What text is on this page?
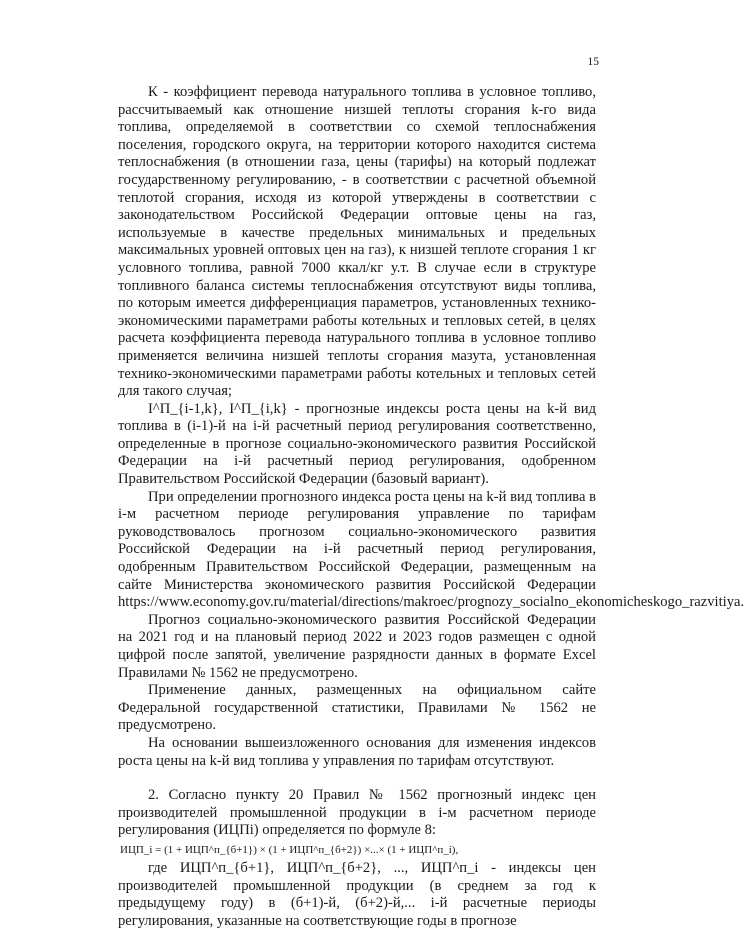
15

К - коэффициент перевода натурального топлива в условное топливо, рассчитываемый как отношение низшей теплоты сгорания k-го вида топлива, определяемой в соответствии со схемой теплоснабжения поселения, городского округа, на территории которого находится система теплоснабжения (в отношении газа, цены (тарифы) на который подлежат государственному регулированию, - в соответствии с расчетной объемной теплотой сгорания, исходя из которой утверждены в соответствии с законодательством Российской Федерации оптовые цены на газ, используемые в качестве предельных минимальных и предельных максимальных уровней оптовых цен на газ), к низшей теплоте сгорания 1 кг условного топлива, равной 7000 ккал/кг у.т. В случае если в структуре топливного баланса системы теплоснабжения отсутствуют виды топлива, по которым имеется дифференциация параметров, установленных технико-экономическими параметрами работы котельных и тепловых сетей, в целях расчета коэффициента перевода натурального топлива в условное топливо применяется величина низшей теплоты сгорания мазута, установленная технико-экономическими параметрами работы котельных и тепловых сетей для такого случая;

I^П_{i-1,k}, I^П_{i,k} - прогнозные индексы роста цены на k-й вид топлива в (i-1)-й на i-й расчетный период регулирования соответственно, определенные в прогнозе социально-экономического развития Российской Федерации на i-й расчетный период регулирования, одобренном Правительством Российской Федерации (базовый вариант).

При определении прогнозного индекса роста цены на k-й вид топлива в i-м расчетном периоде регулирования управление по тарифам руководствовалось прогнозом социально-экономического развития Российской Федерации на i-й расчетный период регулирования, одобренным Правительством Российской Федерации, размещенным на сайте Министерства экономического развития Российской Федерации https://www.economy.gov.ru/material/directions/makroec/prognozy_socialno_ekonomicheskogo_razvitiya.

Прогноз социально-экономического развития Российской Федерации на 2021 год и на плановый период 2022 и 2023 годов размещен с одной цифрой после запятой, увеличение разрядности данных в формате Excel Правилами № 1562 не предусмотрено.

Применение данных, размещенных на официальном сайте Федеральной государственной статистики, Правилами № 1562 не предусмотрено.

На основании вышеизложенного основания для изменения индексов роста цены на k-й вид топлива у управления по тарифам отсутствуют.

2. Согласно пункту 20 Правил № 1562 прогнозный индекс цен производителей промышленной продукции в i-м расчетном периоде регулирования (ИЦПi) определяется по формуле 8:

ИЦП_i = (1 + ИЦП^п_{б+1}) × (1 + ИЦП^п_{б+2}) ×...× (1 + ИЦП^п_i),

где ИЦП^п_{б+1}, ИЦП^п_{б+2}, ..., ИЦП^п_i - индексы цен производителей промышленной продукции (в среднем за год к предыдущему году) в (б+1)-й, (б+2)-й,... i-й расчетные периоды регулирования, указанные на соответствующие годы в прогнозе
